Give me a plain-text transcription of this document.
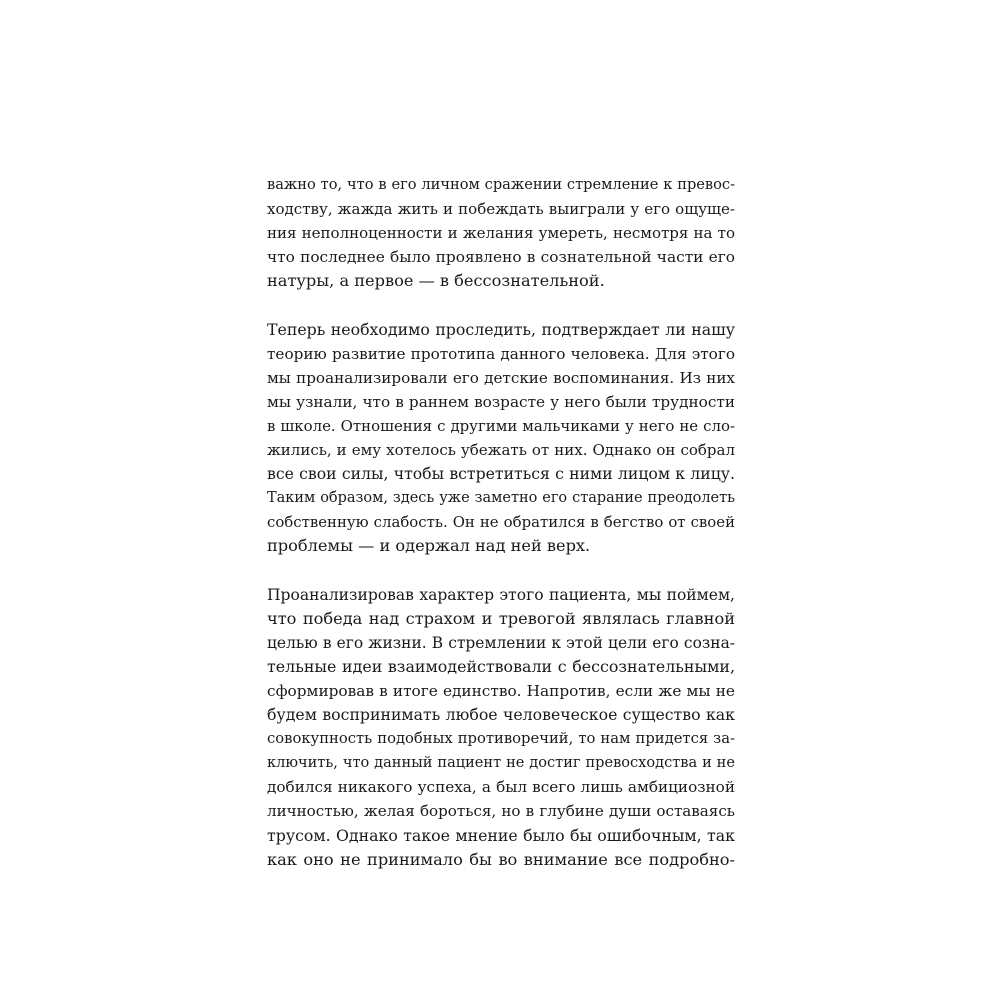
важно то, что в его личном сражении стремление к превос-
ходству, жажда жить и побеждать выиграли у его ощуще-
ния неполноценности и желания умереть, несмотря на то
что последнее было проявлено в сознательной части его
натуры, а первое — в бессознательной.

Теперь необходимо проследить, подтверждает ли нашу
теорию развитие прототипа данного человека. Для этого
мы проанализировали его детские воспоминания. Из них
мы узнали, что в раннем возрасте у него были трудности
в школе. Отношения с другими мальчиками у него не сло-
жились, и ему хотелось убежать от них. Однако он собрал
все свои силы, чтобы встретиться с ними лицом к лицу.
Таким образом, здесь уже заметно его старание преодолеть
собственную слабость. Он не обратился в бегство от своей
проблемы — и одержал над ней верх.

Проанализировав характер этого пациента, мы поймем,
что победа над страхом и тревогой являлась главной
целью в его жизни. В стремлении к этой цели его созна-
тельные идеи взаимодействовали с бессознательными,
сформировав в итоге единство. Напротив, если же мы не
будем воспринимать любое человеческое существо как
совокупность подобных противоречий, то нам придется за-
ключить, что данный пациент не достиг превосходства и не
добился никакого успеха, а был всего лишь амбициозной
личностью, желая бороться, но в глубине души оставаясь
трусом. Однако такое мнение было бы ошибочным, так
как оно не принимало бы во внимание все подробно-
